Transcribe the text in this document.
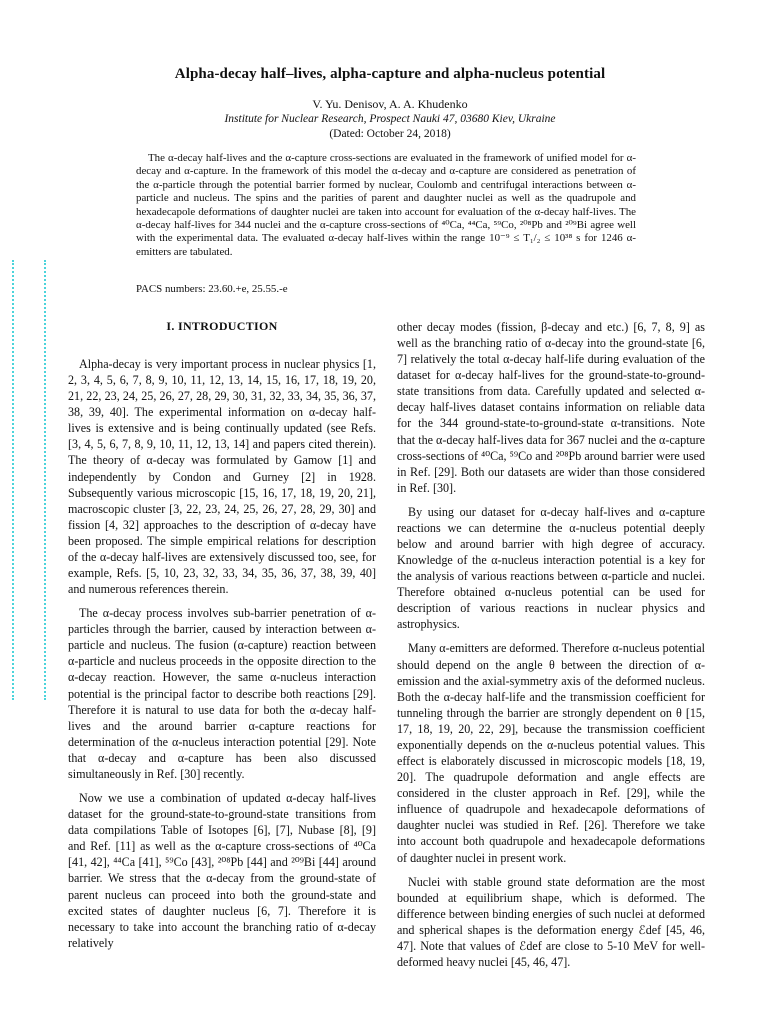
Alpha-decay half–lives, alpha-capture and alpha-nucleus potential
V. Yu. Denisov, A. A. Khudenko
Institute for Nuclear Research, Prospect Nauki 47, 03680 Kiev, Ukraine
(Dated: October 24, 2018)
The α-decay half-lives and the α-capture cross-sections are evaluated in the framework of unified model for α-decay and α-capture. In the framework of this model the α-decay and α-capture are considered as penetration of the α-particle through the potential barrier formed by nuclear, Coulomb and centrifugal interactions between α-particle and nucleus. The spins and the parities of parent and daughter nuclei as well as the quadrupole and hexadecapole deformations of daughter nuclei are taken into account for evaluation of the α-decay half-lives. The α-decay half-lives for 344 nuclei and the α-capture cross-sections of ⁴⁰Ca, ⁴⁴Ca, ⁵⁹Co, ²⁰⁸Pb and ²⁰⁹Bi agree well with the experimental data. The evaluated α-decay half-lives within the range 10⁻⁹ ≤ T₁/₂ ≤ 10³⁸ s for 1246 α-emitters are tabulated.
PACS numbers: 23.60.+e, 25.55.-e
I. INTRODUCTION

Alpha-decay is very important process in nuclear physics [1, 2, 3, 4, 5, 6, 7, 8, 9, 10, 11, 12, 13, 14, 15, 16, 17, 18, 19, 20, 21, 22, 23, 24, 25, 26, 27, 28, 29, 30, 31, 32, 33, 34, 35, 36, 37, 38, 39, 40]. The experimental information on α-decay half-lives is extensive and is being continually updated (see Refs. [3, 4, 5, 6, 7, 8, 9, 10, 11, 12, 13, 14] and papers cited therein). The theory of α-decay was formulated by Gamow [1] and independently by Condon and Gurney [2] in 1928. Subsequently various microscopic [15, 16, 17, 18, 19, 20, 21], macroscopic cluster [3, 22, 23, 24, 25, 26, 27, 28, 29, 30] and fission [4, 32] approaches to the description of α-decay have been proposed. The simple empirical relations for description of the α-decay half-lives are extensively discussed too, see, for example, Refs. [5, 10, 23, 32, 33, 34, 35, 36, 37, 38, 39, 40] and numerous references therein.

The α-decay process involves sub-barrier penetration of α-particles through the barrier, caused by interaction between α-particle and nucleus. The fusion (α-capture) reaction between α-particle and nucleus proceeds in the opposite direction to the α-decay reaction. However, the same α-nucleus interaction potential is the principal factor to describe both reactions [29]. Therefore it is natural to use data for both the α-decay half-lives and the around barrier α-capture reactions for determination of the α-nucleus interaction potential [29]. Note that α-decay and α-capture has been also discussed simultaneously in Ref. [30] recently.

Now we use a combination of updated α-decay half-lives dataset for the ground-state-to-ground-state transitions from data compilations Table of Isotopes [6], [7], Nubase [8], [9] and Ref. [11] as well as the α-capture cross-sections of ⁴⁰Ca [41, 42], ⁴⁴Ca [41], ⁵⁹Co [43], ²⁰⁸Pb [44] and ²⁰⁹Bi [44] around barrier. We stress that the α-decay from the ground-state of parent nucleus can proceed into both the ground-state and excited states of daughter nucleus [6, 7]. Therefore it is necessary to take into account the branching ratio of α-decay relatively

other decay modes (fission, β-decay and etc.) [6, 7, 8, 9] as well as the branching ratio of α-decay into the ground-state [6, 7] relatively the total α-decay half-life during evaluation of the dataset for α-decay half-lives for the ground-state-to-ground-state transitions from data. Carefully updated and selected α-decay half-lives dataset contains information on reliable data for the 344 ground-state-to-ground-state α-transitions. Note that the α-decay half-lives data for 367 nuclei and the α-capture cross-sections of ⁴⁰Ca, ⁵⁹Co and ²⁰⁸Pb around barrier were used in Ref. [29]. Both our datasets are wider than those considered in Ref. [30].

By using our dataset for α-decay half-lives and α-capture reactions we can determine the α-nucleus potential deeply below and around barrier with high degree of accuracy. Knowledge of the α-nucleus interaction potential is a key for the analysis of various reactions between α-particle and nuclei. Therefore obtained α-nucleus potential can be used for description of various reactions in nuclear physics and astrophysics.

Many α-emitters are deformed. Therefore α-nucleus potential should depend on the angle θ between the direction of α-emission and the axial-symmetry axis of the deformed nucleus. Both the α-decay half-life and the transmission coefficient for tunneling through the barrier are strongly dependent on θ [15, 17, 18, 19, 20, 22, 29], because the transmission coefficient exponentially depends on the α-nucleus potential values. This effect is elaborately discussed in microscopic models [18, 19, 20]. The quadrupole deformation and angle effects are considered in the cluster approach in Ref. [29], while the influence of quadrupole and hexadecapole deformations of daughter nuclei was studied in Ref. [26]. Therefore we take into account both quadrupole and hexadecapole deformations of daughter nuclei in present work.

Nuclei with stable ground state deformation are the most bounded at equilibrium shape, which is deformed. The difference between binding energies of such nuclei at deformed and spherical shapes is the deformation energy ℰdef [45, 46, 47]. Note that values of ℰdef are close to 5-10 MeV for well-deformed heavy nuclei [45, 46, 47].
